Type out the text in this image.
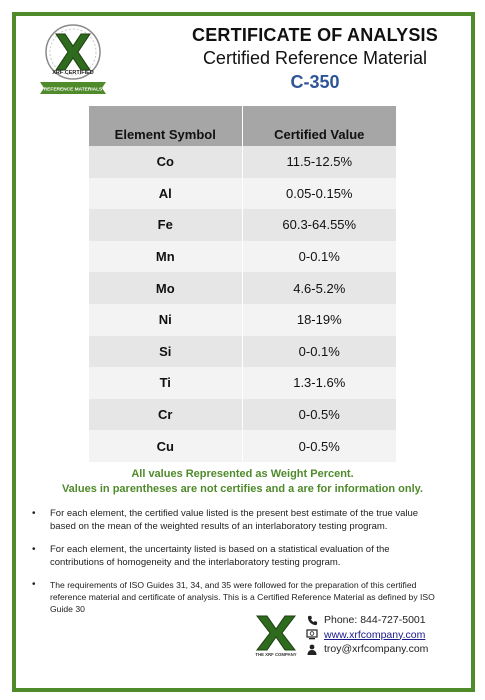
XRF CERTIFIED
REFERENCE MATERIALS
CERTIFICATE OF ANALYSIS
Certified Reference Material
C-350
Element Symbol	Certified Value
Co	11.5-12.5%
Al	0.05-0.15%
Fe	60.3-64.55%
Mn	0-0.1%
Mo	4.6-5.2%
Ni	18-19%
Si	0-0.1%
Ti	1.3-1.6%
Cr	0-0.5%
Cu	0-0.5%
All values Represented as Weight Percent.
Values in parentheses are not certifies and a are for information only.
• For each element, the certified value listed is the present best estimate of the true value based on the mean of the weighted results of an interlaboratory testing program.
• For each element, the uncertainty listed is based on a statistical evaluation of the contributions of homogeneity and the interlaboratory testing program.
• The requirements of ISO Guides 31, 34, and 35 were followed for the preparation of this certified reference material and certificate of analysis. This is a Certified Reference Material as defined by ISO Guide 30
THE XRF COMPANY
Phone: 844-727-5001
www.xrfcompany.com
troy@xrfcompany.com
